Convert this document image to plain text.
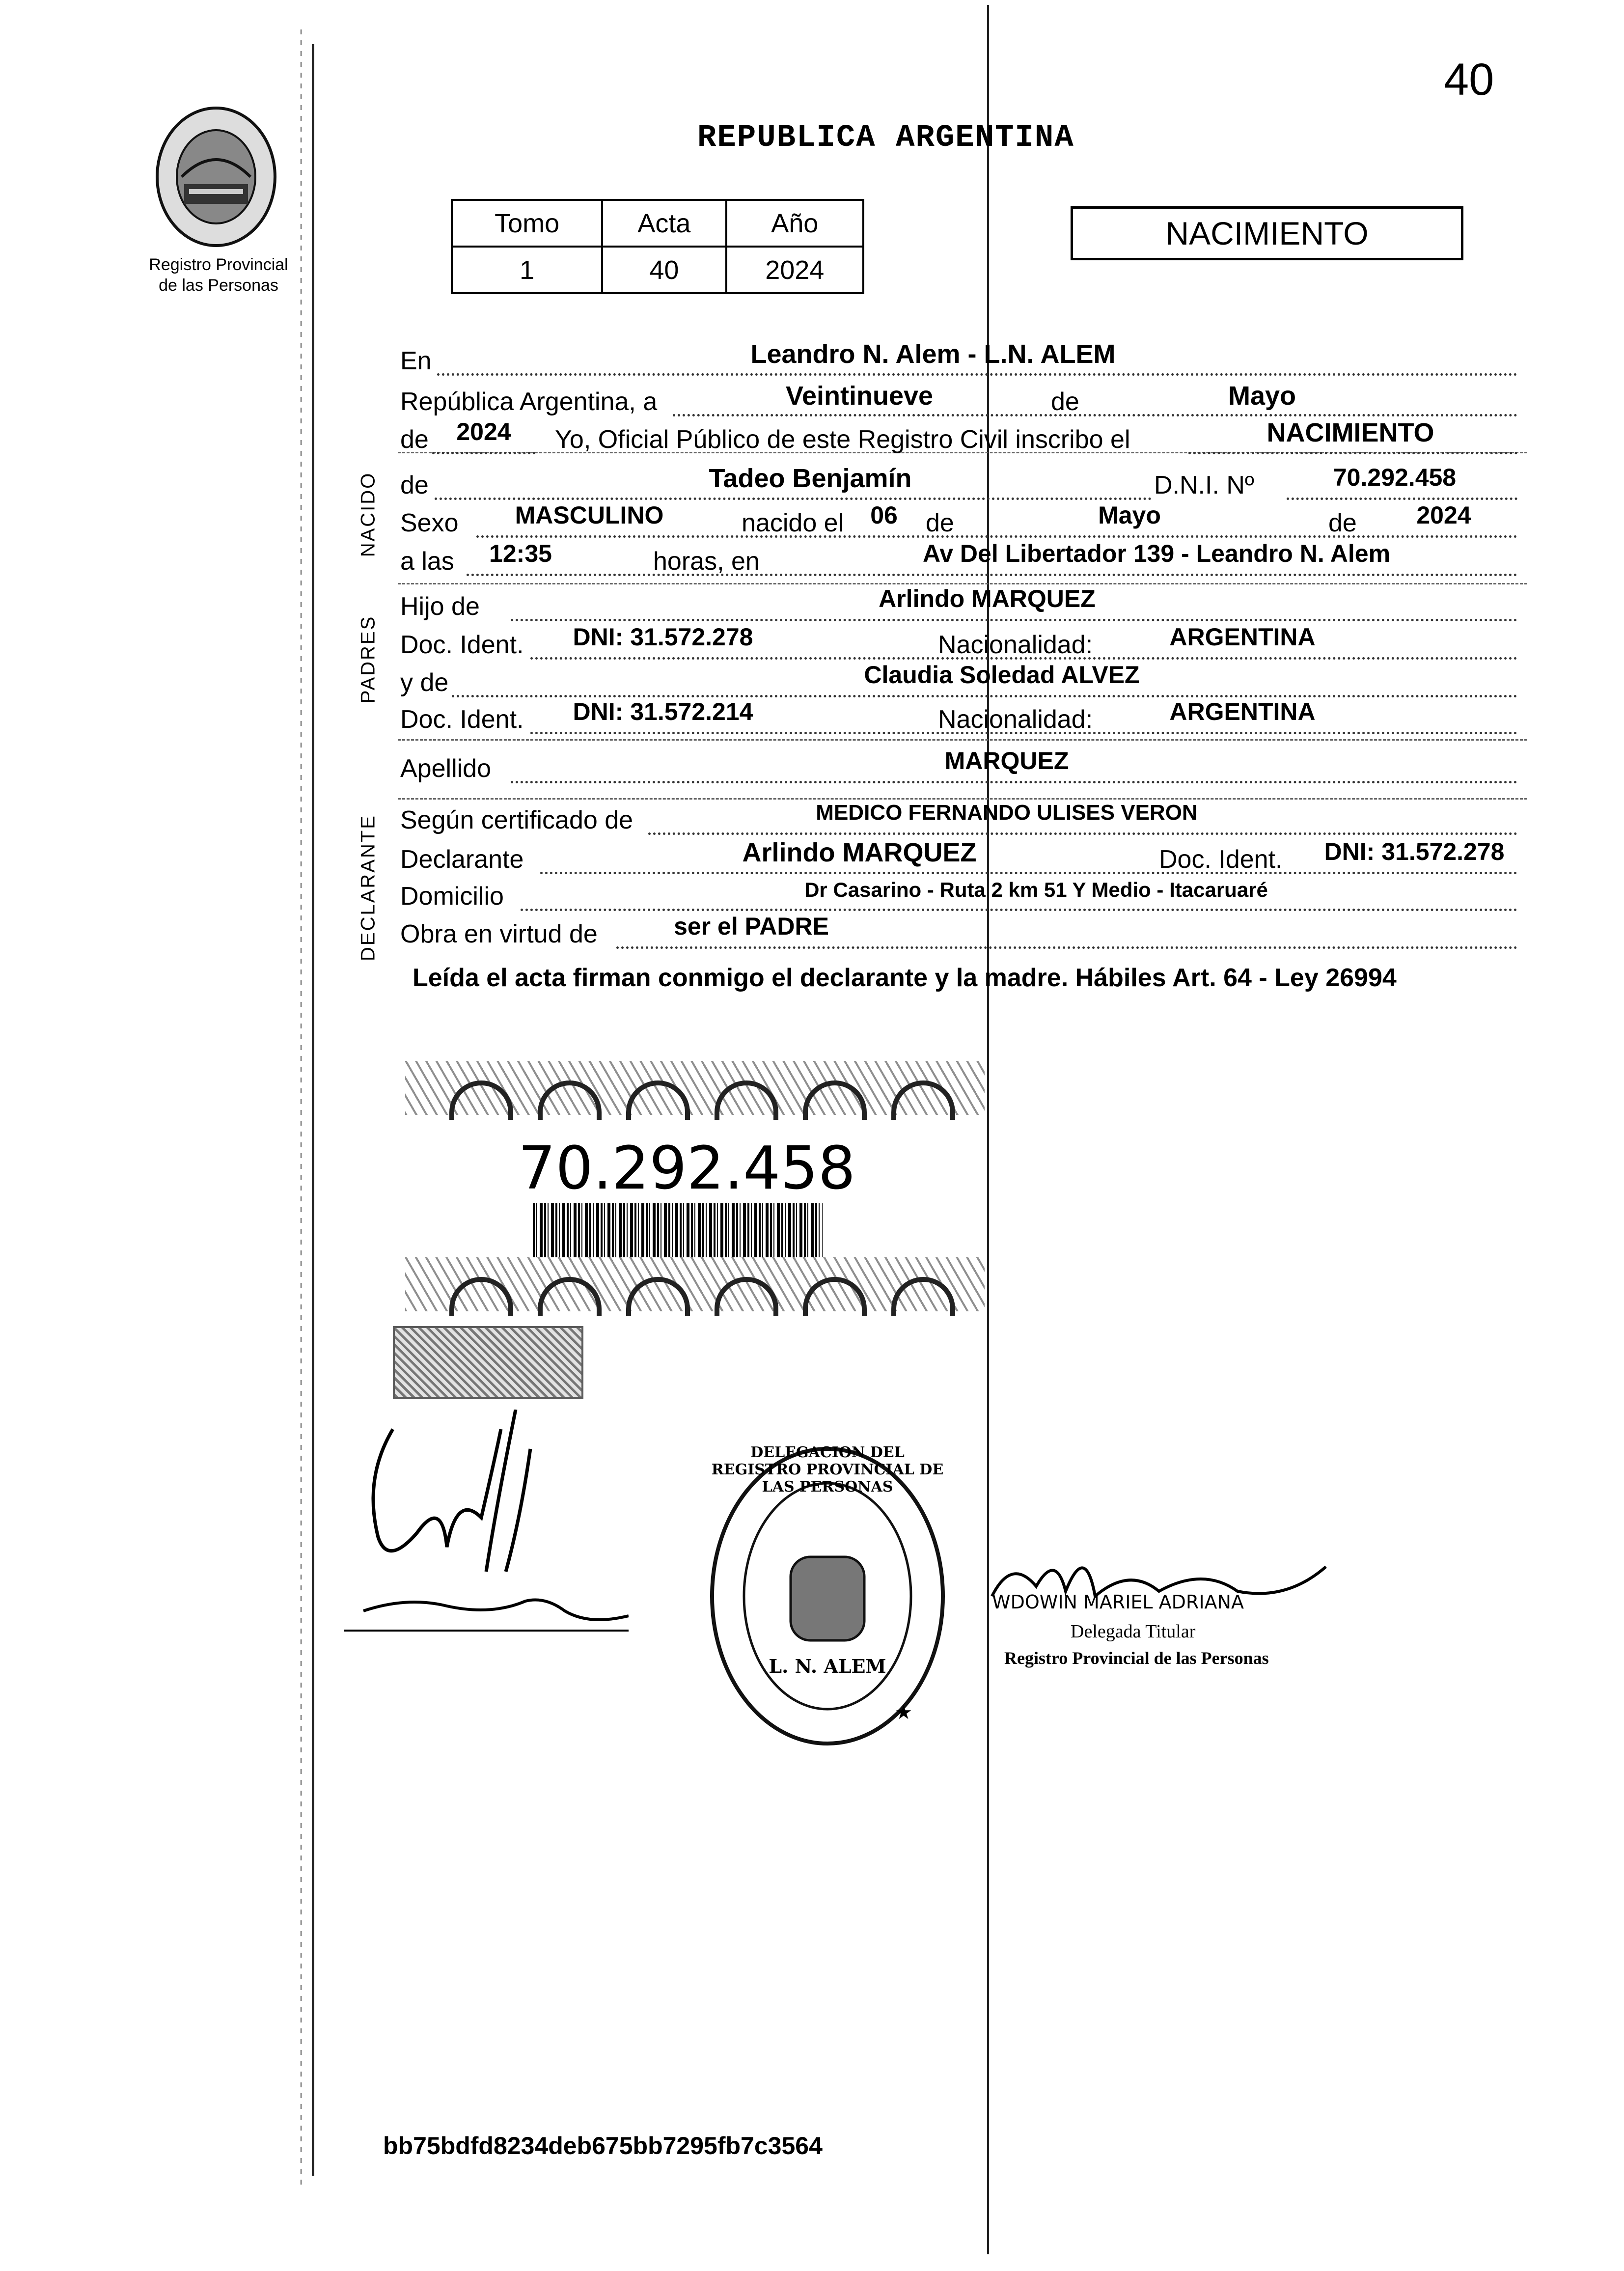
40
Registro Provincial
de las Personas
REPUBLICA ARGENTINA
Tomo	Acta	Año
1	40	2024
NACIMIENTO
NACIDO
PADRES
DECLARANTE
En	Leandro N. Alem - L.N. ALEM
República Argentina, a	Veintinueve	de	Mayo
de	2024	Yo, Oficial Público de este Registro Civil inscribo el	NACIMIENTO
de	Tadeo Benjamín	D.N.I. Nº	70.292.458
Sexo	MASCULINO	nacido el	06	de	Mayo	de	2024
a las	12:35	horas, en	Av Del Libertador 139 - Leandro N. Alem
Hijo de	Arlindo MARQUEZ
Doc. Ident.	DNI: 31.572.278	Nacionalidad:	ARGENTINA
y de	Claudia Soledad ALVEZ
Doc. Ident.	DNI: 31.572.214	Nacionalidad:	ARGENTINA
Apellido	MARQUEZ
Según certificado de	MEDICO FERNANDO ULISES VERON
Declarante	Arlindo MARQUEZ	Doc. Ident.	DNI: 31.572.278
Domicilio	Dr Casarino - Ruta 2 km 51 Y Medio - Itacaruaré
Obra en virtud de	ser el PADRE
Leída el acta firman conmigo el declarante y la madre. Hábiles Art. 64 - Ley 26994
70.292.458
★
DELEGACION DEL REGISTRO PROVINCIAL DE LAS PERSONAS
L. N. ALEM
WDOWIN MARIEL ADRIANA
Delegada Titular
Registro Provincial de las Personas
bb75bdfd8234deb675bb7295fb7c3564
